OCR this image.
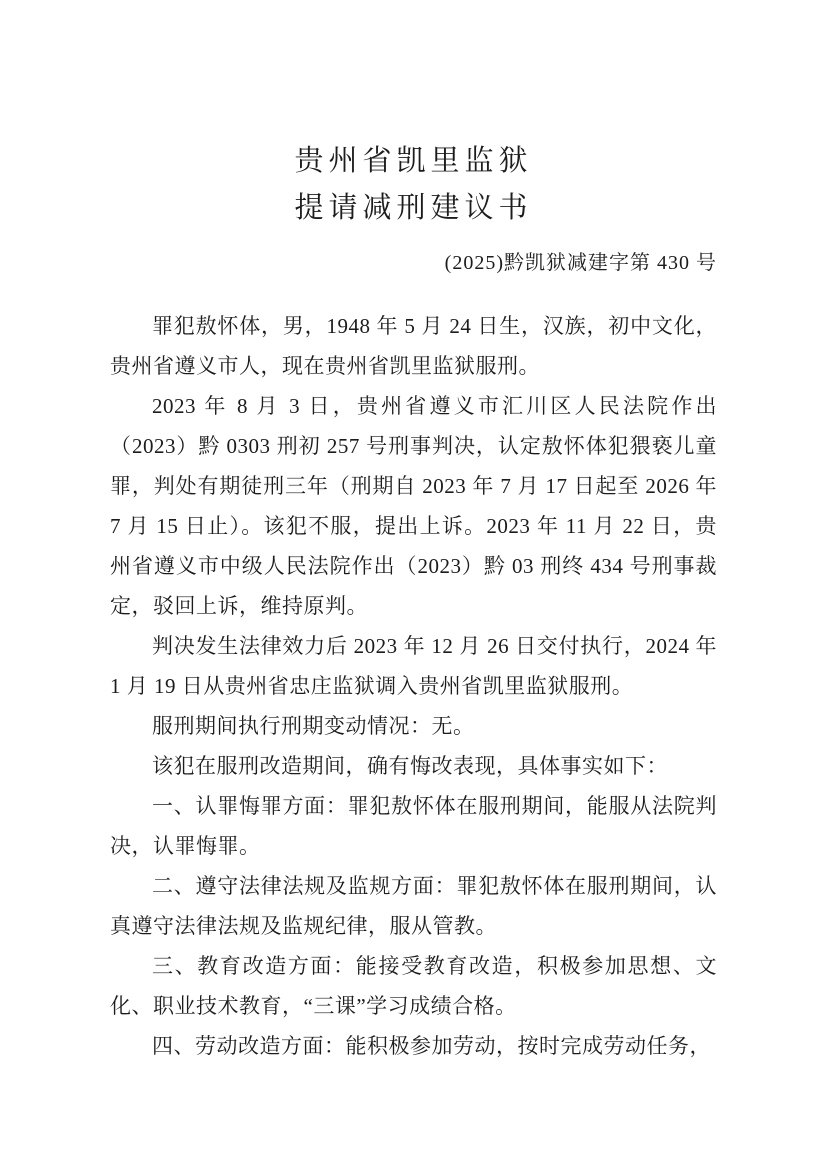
贵州省凯里监狱
提请减刑建议书
(2025)黔凯狱减建字第 430 号

罪犯敖怀体，男，1948 年 5 月 24 日生，汉族，初中文化，贵州省遵义市人，现在贵州省凯里监狱服刑。

2023 年 8 月 3 日，贵州省遵义市汇川区人民法院作出（2023）黔 0303 刑初 257 号刑事判决，认定敖怀体犯猥亵儿童罪，判处有期徒刑三年（刑期自 2023 年 7 月 17 日起至 2026 年 7 月 15 日止）。该犯不服，提出上诉。2023 年 11 月 22 日，贵州省遵义市中级人民法院作出（2023）黔 03 刑终 434 号刑事裁定，驳回上诉，维持原判。

判决发生法律效力后 2023 年 12 月 26 日交付执行，2024 年 1 月 19 日从贵州省忠庄监狱调入贵州省凯里监狱服刑。

服刑期间执行刑期变动情况：无。

该犯在服刑改造期间，确有悔改表现，具体事实如下：

一、认罪悔罪方面：罪犯敖怀体在服刑期间，能服从法院判决，认罪悔罪。

二、遵守法律法规及监规方面：罪犯敖怀体在服刑期间，认真遵守法律法规及监规纪律，服从管教。

三、教育改造方面：能接受教育改造，积极参加思想、文化、职业技术教育，“三课”学习成绩合格。

四、劳动改造方面：能积极参加劳动，按时完成劳动任务，
